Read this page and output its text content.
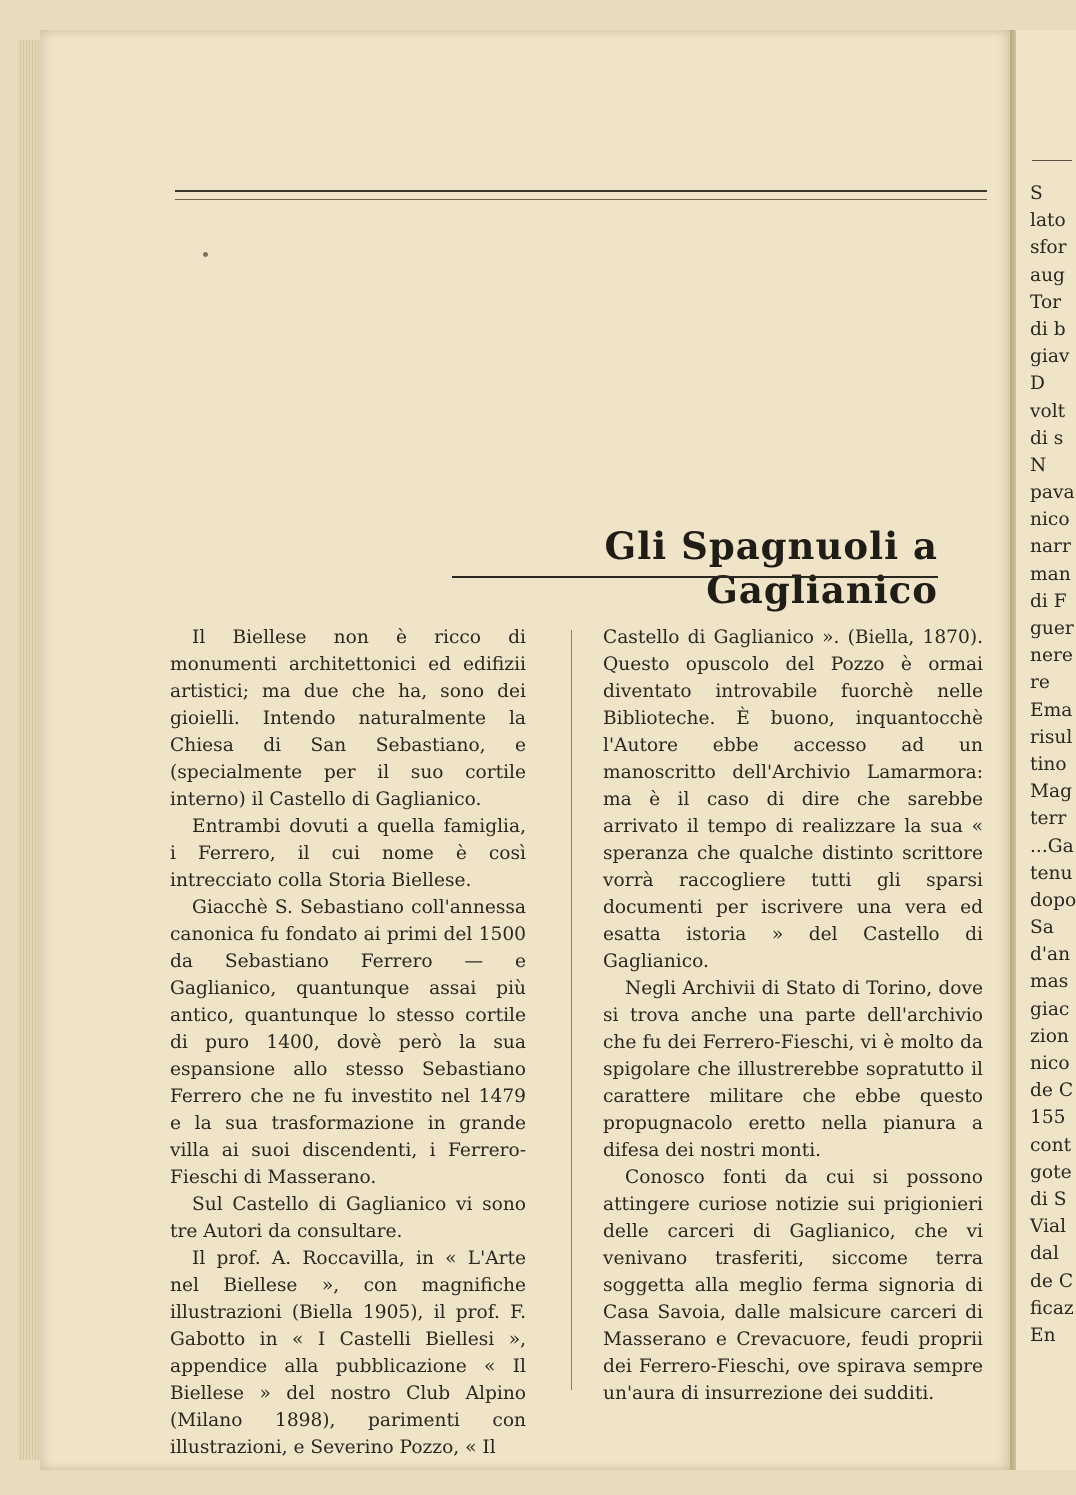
Gli Spagnuoli a Gaglianico

Il Biellese non è ricco di monumenti architettonici ed edifizii artistici; ma due che ha, sono dei gioielli. Intendo naturalmente la Chiesa di San Sebastiano, e (specialmente per il suo cortile interno) il Castello di Gaglianico.

Entrambi dovuti a quella famiglia, i Ferrero, il cui nome è così intrecciato colla Storia Biellese.

Giacchè S. Sebastiano coll'annessa canonica fu fondato ai primi del 1500 da Sebastiano Ferrero — e Gaglianico, quantunque assai più antico, quantunque lo stesso cortile di puro 1400, dovè però la sua espansione allo stesso Sebastiano Ferrero che ne fu investito nel 1479 e la sua trasformazione in grande villa ai suoi discendenti, i Ferrero-Fieschi di Masserano.

Sul Castello di Gaglianico vi sono tre Autori da consultare.

Il prof. A. Roccavilla, in « L'Arte nel Biellese », con magnifiche illustrazioni (Biella 1905), il prof. F. Gabotto in « I Castelli Biellesi », appendice alla pubblicazione « Il Biellese » del nostro Club Alpino (Milano 1898), parimenti con illustrazioni, e Severino Pozzo, « Il

Castello di Gaglianico ». (Biella, 1870). Questo opuscolo del Pozzo è ormai diventato introvabile fuorchè nelle Biblioteche. È buono, inquantocchè l'Autore ebbe accesso ad un manoscritto dell'Archivio Lamarmora: ma è il caso di dire che sarebbe arrivato il tempo di realizzare la sua « speranza che qualche distinto scrittore vorrà raccogliere tutti gli sparsi documenti per iscrivere una vera ed esatta istoria » del Castello di Gaglianico.

Negli Archivii di Stato di Torino, dove si trova anche una parte dell'archivio che fu dei Ferrero-Fieschi, vi è molto da spigolare che illustrerebbe sopratutto il carattere militare che ebbe questo propugnacolo eretto nella pianura a difesa dei nostri monti.

Conosco fonti da cui si possono attingere curiose notizie sui prigionieri delle carceri di Gaglianico, che vi venivano trasferiti, siccome terra soggetta alla meglio ferma signoria di Casa Savoia, dalle malsicure carceri di Masserano e Crevacuore, feudi proprii dei Ferrero-Fieschi, ove spirava sempre un'aura di insurrezione dei sudditi.

S
lato
sfor
aug
Tor
di b
giav
D
volt
di s
N
pava
nico
narr
man
di F
guer
nere
re
Ema
risul
tino
Mag
terr
...Ga
tenu
dopo
Sa
d'an
mas
giac
zion
nico
de C
155
cont
gote
di S
Vial
dal
de C
ficaz
En
